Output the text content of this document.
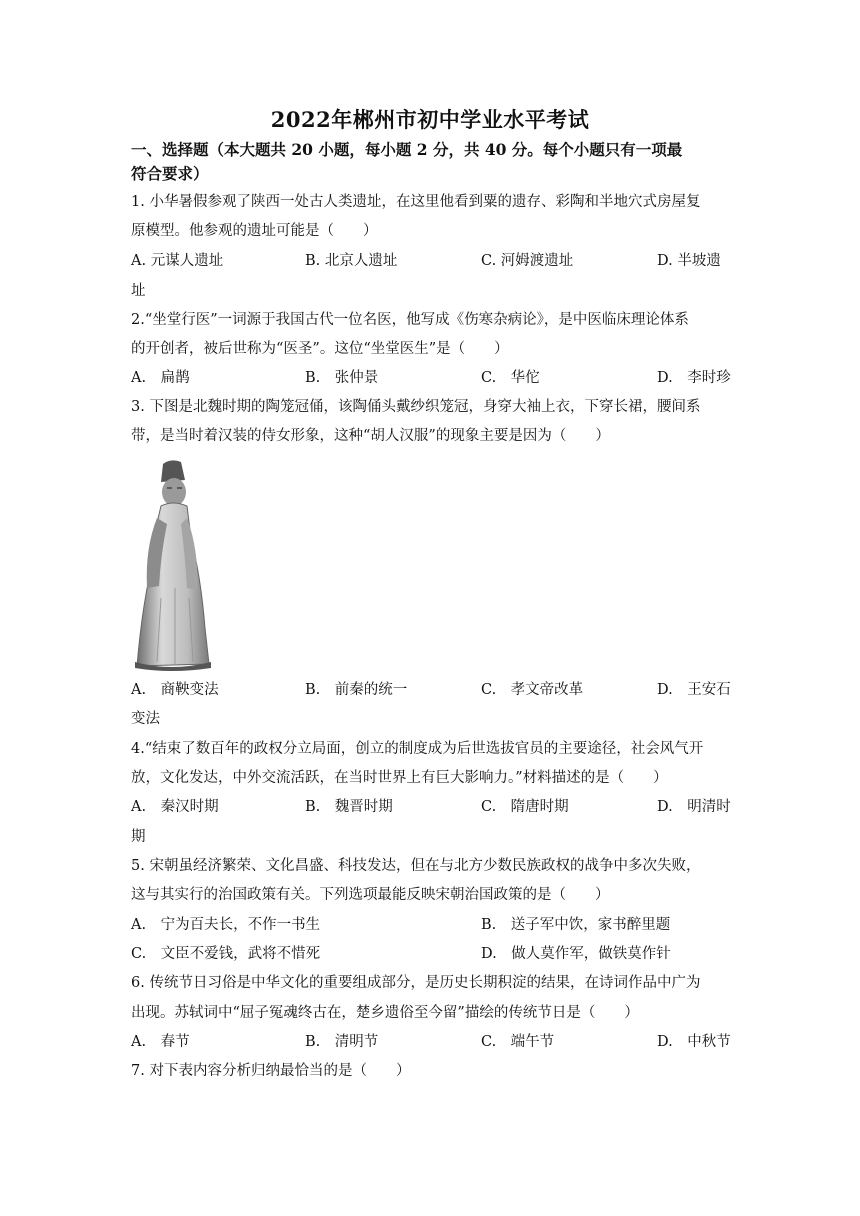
2022年郴州市初中学业水平考试
一、选择题（本大题共 20 小题，每小题 2 分，共 40 分。每个小题只有一项最
符合要求）
1. 小华暑假参观了陕西一处古人类遗址，在这里他看到粟的遗存、彩陶和半地穴式房屋复
原模型。他参观的遗址可能是（　　）
A. 元谋人遗址	B. 北京人遗址	C. 河姆渡遗址	D. 半坡遗
址
2.“坐堂行医”一词源于我国古代一位名医，他写成《伤寒杂病论》，是中医临床理论体系
的开创者，被后世称为“医圣”。这位“坐堂医生”是（　　）
A.　扁鹊	B.　张仲景	C.　华佗	D.　李时珍
3. 下图是北魏时期的陶笼冠俑，该陶俑头戴纱织笼冠，身穿大袖上衣，下穿长裙，腰间系
带，是当时着汉装的侍女形象，这种“胡人汉服”的现象主要是因为（　　）
A.　商鞅变法	B.　前秦的统一	C.　孝文帝改革	D.　王安石
变法
4.“结束了数百年的政权分立局面，创立的制度成为后世选拔官员的主要途径，社会风气开
放，文化发达，中外交流活跃，在当时世界上有巨大影响力。”材料描述的是（　　）
A.　秦汉时期	B.　魏晋时期	C.　隋唐时期	D.　明清时
期
5. 宋朝虽经济繁荣、文化昌盛、科技发达，但在与北方少数民族政权的战争中多次失败，
这与其实行的治国政策有关。下列选项最能反映宋朝治国政策的是（　　）
A.　宁为百夫长，不作一书生	B.　送子军中饮，家书醉里题
C.　文臣不爱钱，武将不惜死	D.　做人莫作军，做铁莫作针
6. 传统节日习俗是中华文化的重要组成部分，是历史长期积淀的结果，在诗词作品中广为
出现。苏轼词中“屈子冤魂终古在，楚乡遗俗至今留”描绘的传统节日是（　　）
A.　春节	B.　清明节	C.　端午节	D.　中秋节
7. 对下表内容分析归纳最恰当的是（　　）
